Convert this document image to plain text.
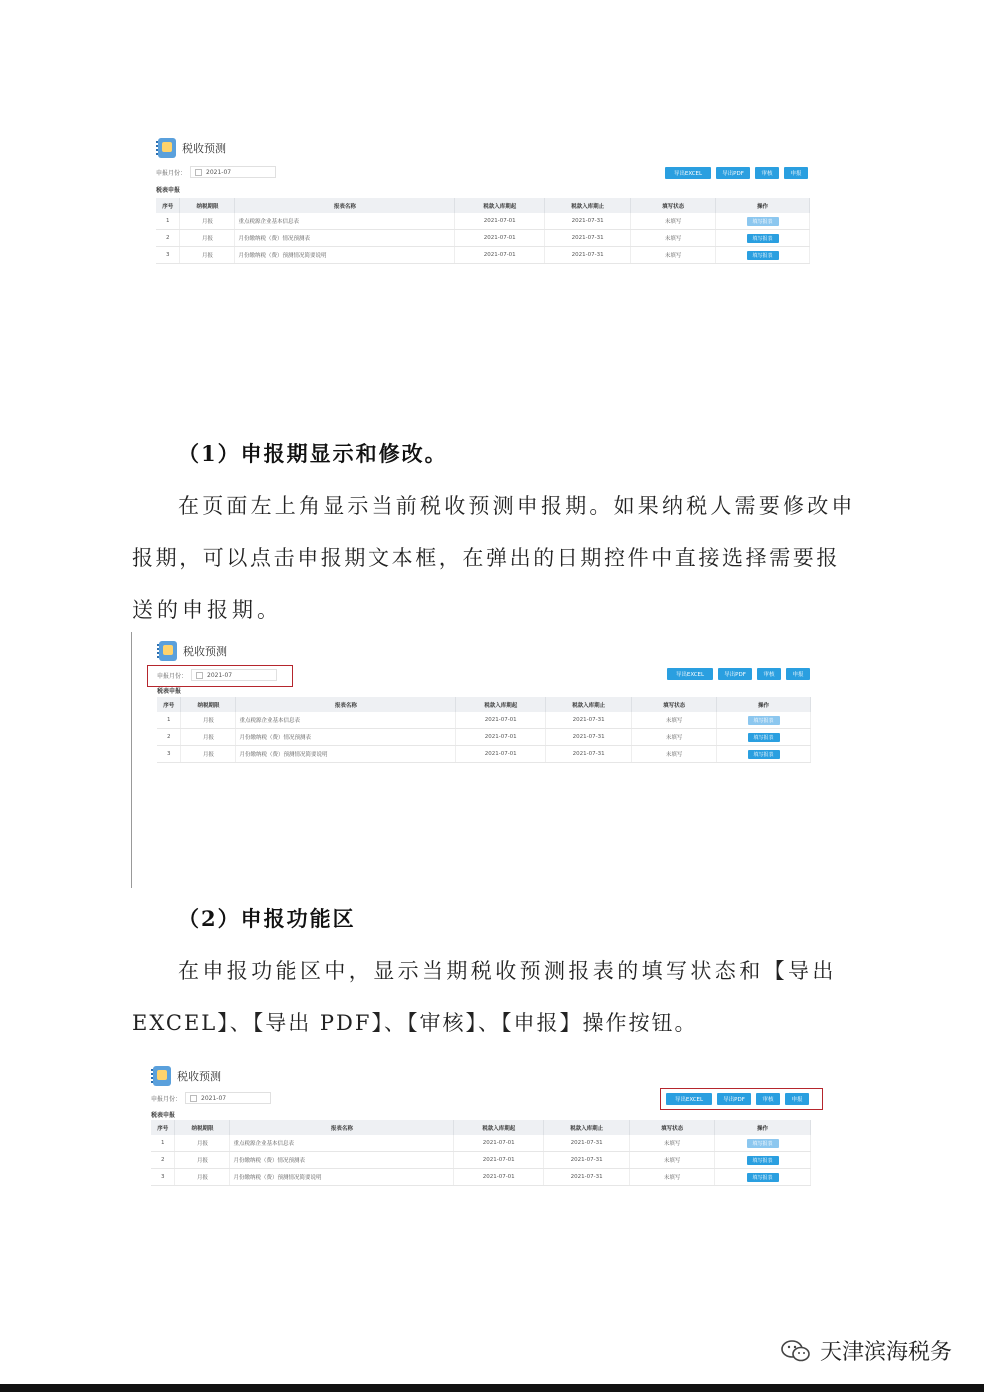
税收预测
申报月份：	2021-07
税表申报
导出EXCEL	导出PDF	审核	申报
序号	纳税期限	报表名称	税款入库期起	税款入库期止	填写状态	操作
1	月报	重点税源企业基本信息表	2021-07-01	2021-07-31	未填写	填写报表
2	月报	月份缴纳税（费）情况预测表	2021-07-01	2021-07-31	未填写	填写报表
3	月报	月份缴纳税（费）预测情况简要说明	2021-07-01	2021-07-31	未填写	填写报表
（1）申报期显示和修改。
在页面左上角显示当前税收预测申报期。如果纳税人需要修改申
报期，可以点击申报期文本框，在弹出的日期控件中直接选择需要报
送的申报期。
税收预测
申报月份：	2021-07
税表申报
导出EXCEL	导出PDF	审核	申报
序号	纳税期限	报表名称	税款入库期起	税款入库期止	填写状态	操作
1	月报	重点税源企业基本信息表	2021-07-01	2021-07-31	未填写	填写报表
2	月报	月份缴纳税（费）情况预测表	2021-07-01	2021-07-31	未填写	填写报表
3	月报	月份缴纳税（费）预测情况简要说明	2021-07-01	2021-07-31	未填写	填写报表
（2）申报功能区
在申报功能区中，显示当期税收预测报表的填写状态和【导出
EXCEL】、【导出 PDF】、【审核】、【申报】操作按钮。
税收预测
申报月份：	2021-07
税表申报
导出EXCEL	导出PDF	审核	申报
序号	纳税期限	报表名称	税款入库期起	税款入库期止	填写状态	操作
1	月报	重点税源企业基本信息表	2021-07-01	2021-07-31	未填写	填写报表
2	月报	月份缴纳税（费）情况预测表	2021-07-01	2021-07-31	未填写	填写报表
3	月报	月份缴纳税（费）预测情况简要说明	2021-07-01	2021-07-31	未填写	填写报表
天津滨海税务
